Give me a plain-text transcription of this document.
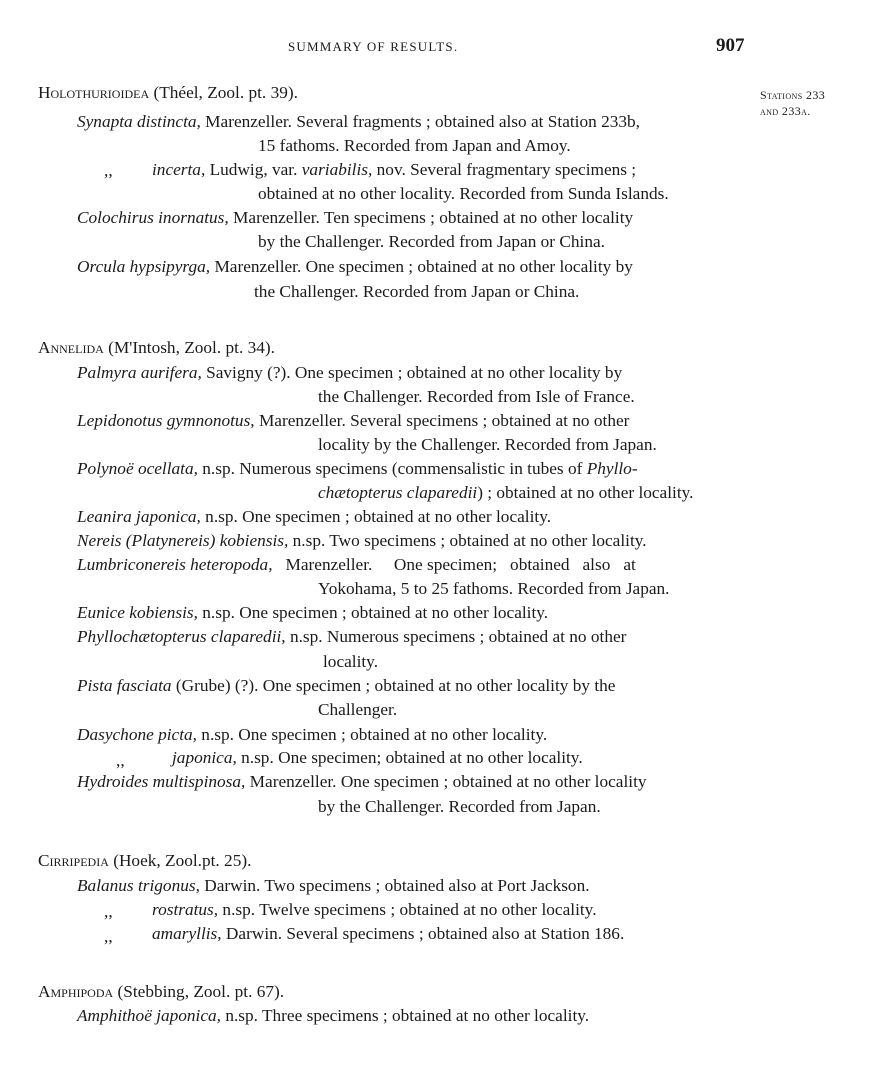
SUMMARY OF RESULTS.	907
Stations 233
and 233a.
Holothurioidea (Théel, Zool. pt. 39).
Synapta distincta, Marenzeller. Several fragments ; obtained also at Station 233b,
15 fathoms. Recorded from Japan and Amoy.
,, incerta, Ludwig, var. variabilis, nov. Several fragmentary specimens ;
obtained at no other locality. Recorded from Sunda Islands.
Colochirus inornatus, Marenzeller. Ten specimens ; obtained at no other locality
by the Challenger. Recorded from Japan or China.
Orcula hypsipyrga, Marenzeller. One specimen ; obtained at no other locality by
the Challenger. Recorded from Japan or China.
Annelida (M'Intosh, Zool. pt. 34).
Palmyra aurifera, Savigny (?). One specimen ; obtained at no other locality by
the Challenger. Recorded from Isle of France.
Lepidonotus gymnonotus, Marenzeller. Several specimens ; obtained at no other
locality by the Challenger. Recorded from Japan.
Polynoë ocellata, n.sp. Numerous specimens (commensalistic in tubes of Phyllo-
chætopterus claparedii) ; obtained at no other locality.
Leanira japonica, n.sp. One specimen ; obtained at no other locality.
Nereis (Platynereis) kobiensis, n.sp. Two specimens ; obtained at no other locality.
Lumbriconereis heteropoda,   Marenzeller.     One specimen;   obtained   also   at
Yokohama, 5 to 25 fathoms. Recorded from Japan.
Eunice kobiensis, n.sp. One specimen ; obtained at no other locality.
Phyllochætopterus claparedii, n.sp. Numerous specimens ; obtained at no other
locality.
Pista fasciata (Grube) (?). One specimen ; obtained at no other locality by the
Challenger.
Dasychone picta, n.sp. One specimen ; obtained at no other locality.
,,	japonica, n.sp. One specimen; obtained at no other locality.
Hydroides multispinosa, Marenzeller. One specimen ; obtained at no other locality
by the Challenger. Recorded from Japan.
Cirripedia (Hoek, Zool.pt. 25).
Balanus trigonus, Darwin. Two specimens ; obtained also at Port Jackson.
,, rostratus, n.sp. Twelve specimens ; obtained at no other locality.
,, amaryllis, Darwin. Several specimens ; obtained also at Station 186.
Amphipoda (Stebbing, Zool. pt. 67).
Amphithoë japonica, n.sp. Three specimens ; obtained at no other locality.
